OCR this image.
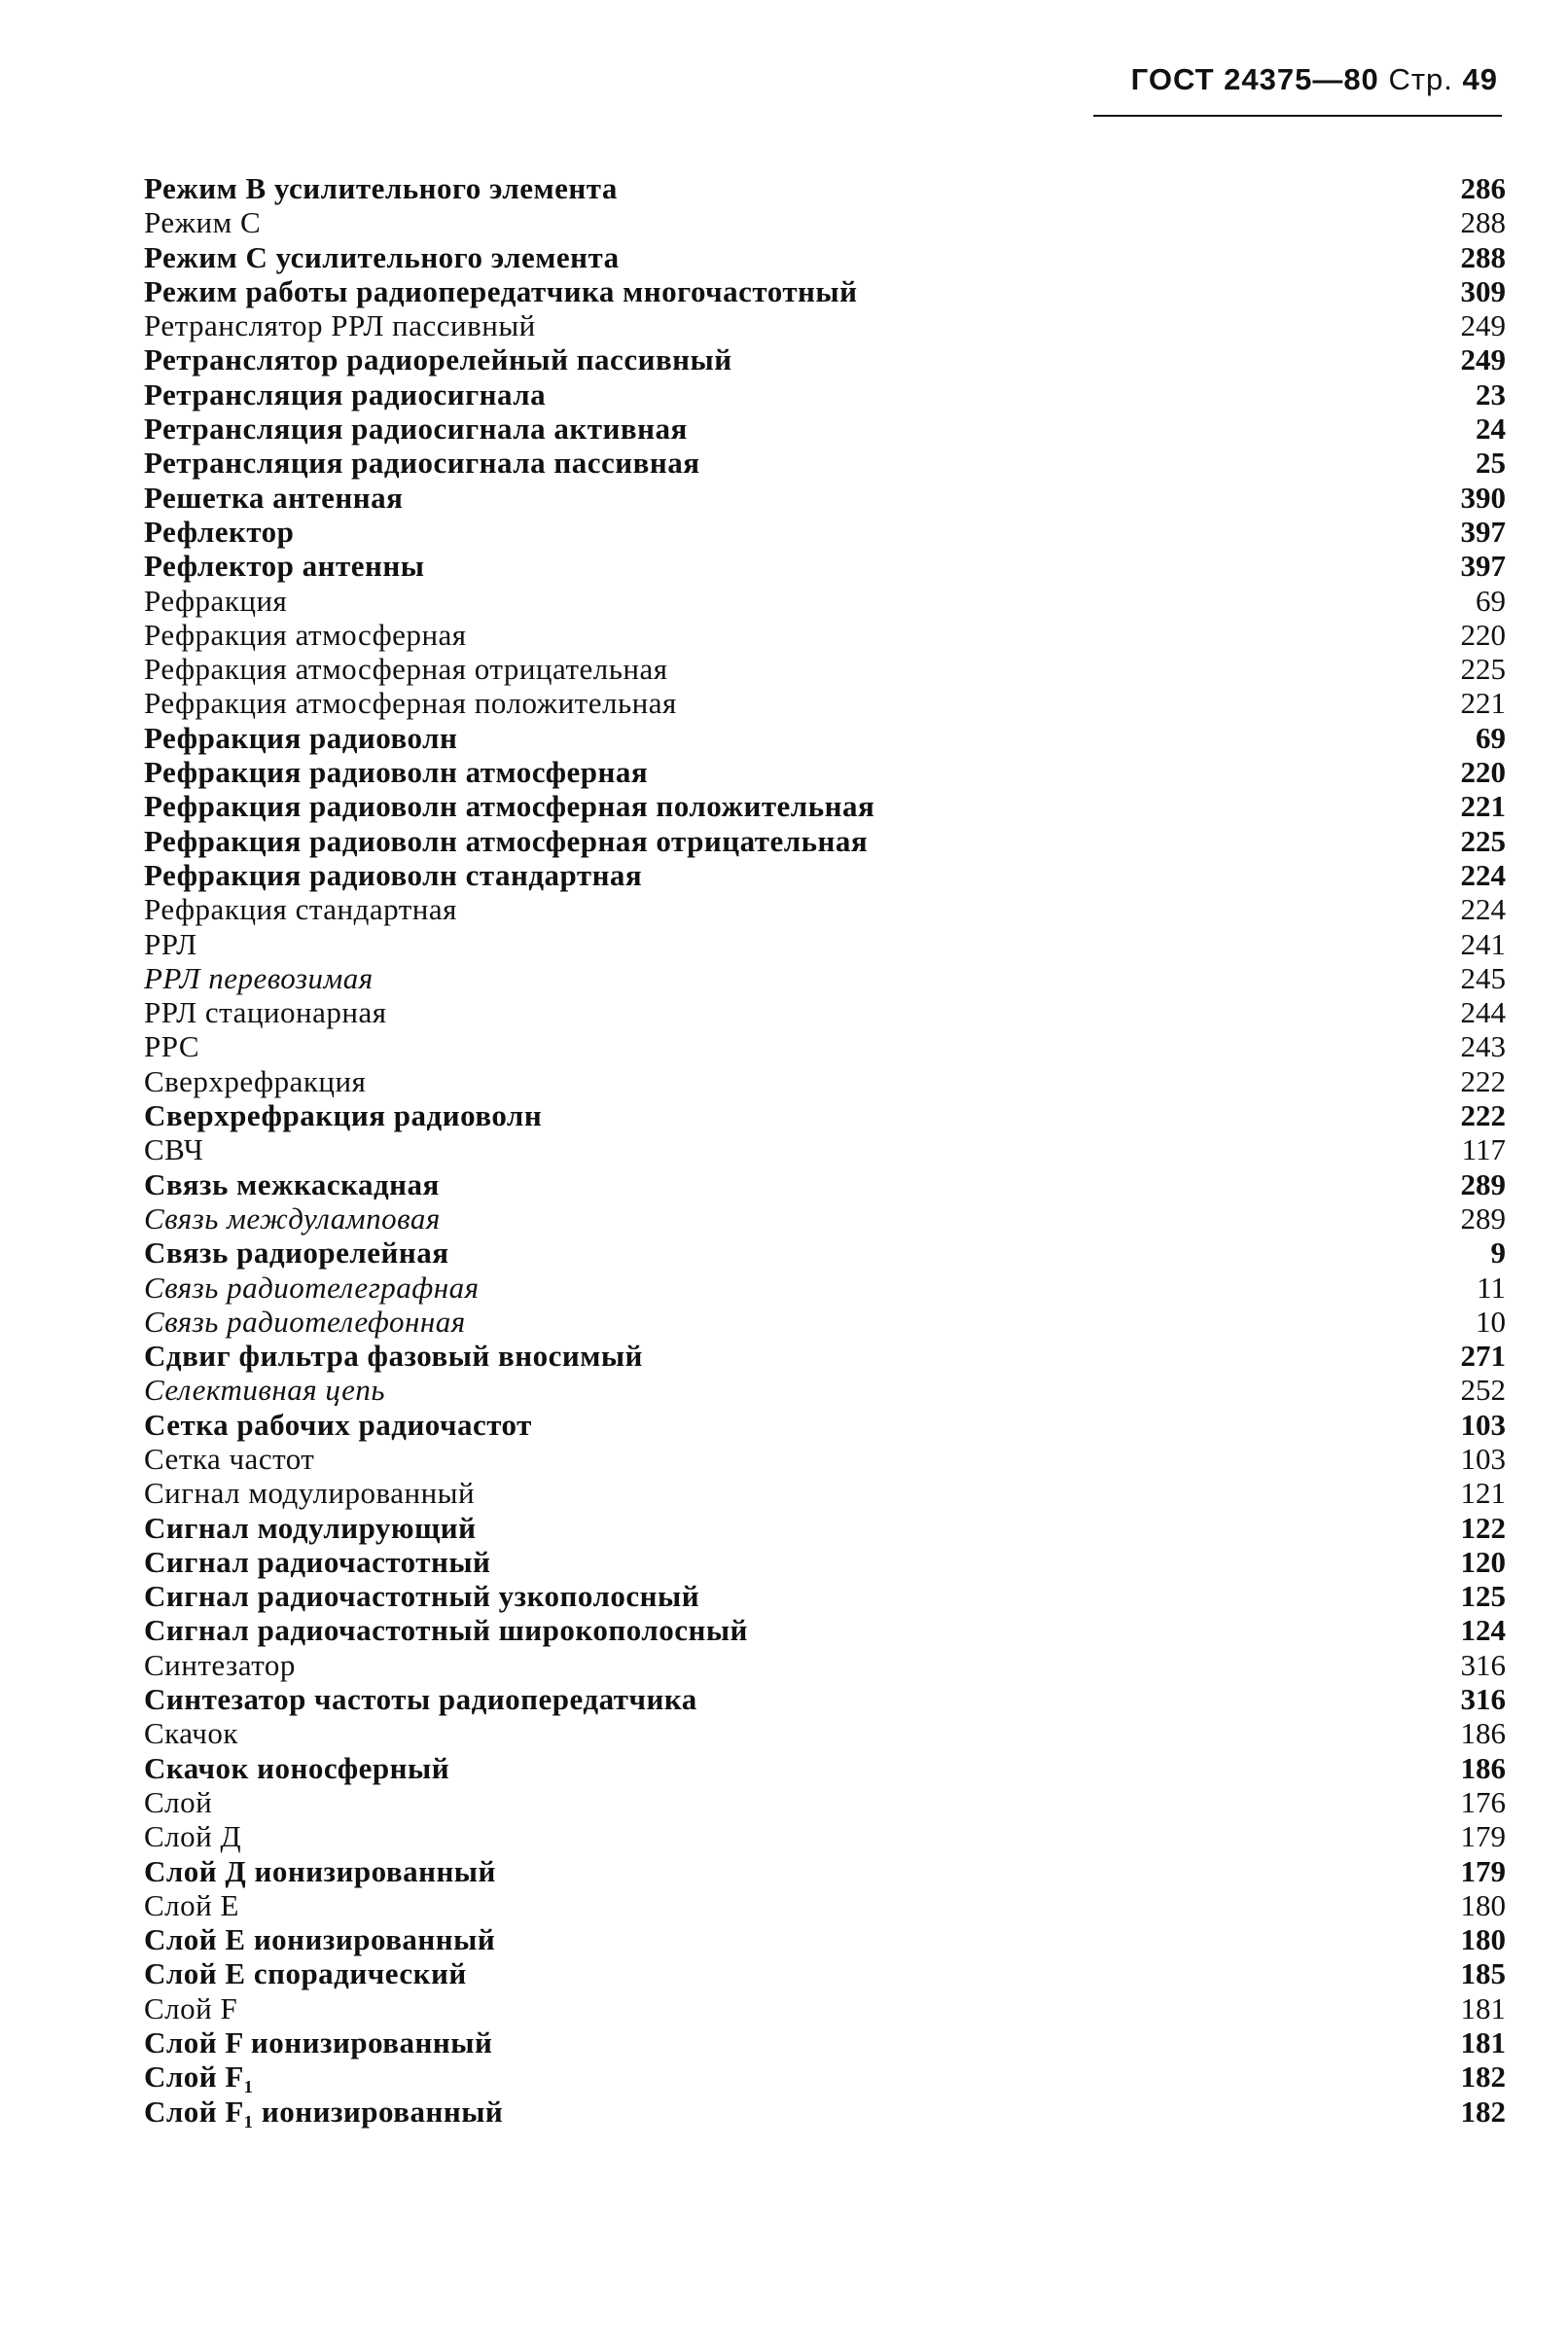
ГОСТ 24375—80 Стр. 49
Режим В усилительного элемента	286
Режим С	288
Режим С усилительного элемента	288
Режим работы радиопередатчика многочастотный	309
Ретранслятор РРЛ пассивный	249
Ретранслятор радиорелейный пассивный	249
Ретрансляция радиосигнала	23
Ретрансляция радиосигнала активная	24
Ретрансляция радиосигнала пассивная	25
Решетка антенная	390
Рефлектор	397
Рефлектор антенны	397
Рефракция	69
Рефракция атмосферная	220
Рефракция атмосферная отрицательная	225
Рефракция атмосферная положительная	221
Рефракция радиоволн	69
Рефракция радиоволн атмосферная	220
Рефракция радиоволн атмосферная положительная	221
Рефракция радиоволн атмосферная отрицательная	225
Рефракция радиоволн стандартная	224
Рефракция стандартная	224
РРЛ	241
РРЛ перевозимая	245
РРЛ стационарная	244
РРС	243
Сверхрефракция	222
Сверхрефракция радиоволн	222
СВЧ	117
Связь межкаскадная	289
Связь междуламповая	289
Связь радиорелейная	9
Связь радиотелеграфная	11
Связь радиотелефонная	10
Сдвиг фильтра фазовый вносимый	271
Селективная цепь	252
Сетка рабочих радиочастот	103
Сетка частот	103
Сигнал модулированный	121
Сигнал модулирующий	122
Сигнал радиочастотный	120
Сигнал радиочастотный узкополосный	125
Сигнал радиочастотный широкополосный	124
Синтезатор	316
Синтезатор частоты радиопередатчика	316
Скачок	186
Скачок ионосферный	186
Слой	176
Слой Д	179
Слой Д ионизированный	179
Слой Е	180
Слой Е ионизированный	180
Слой Е спорадический	185
Слой F	181
Слой F ионизированный	181
Слой F₁	182
Слой F₁ ионизированный	182
